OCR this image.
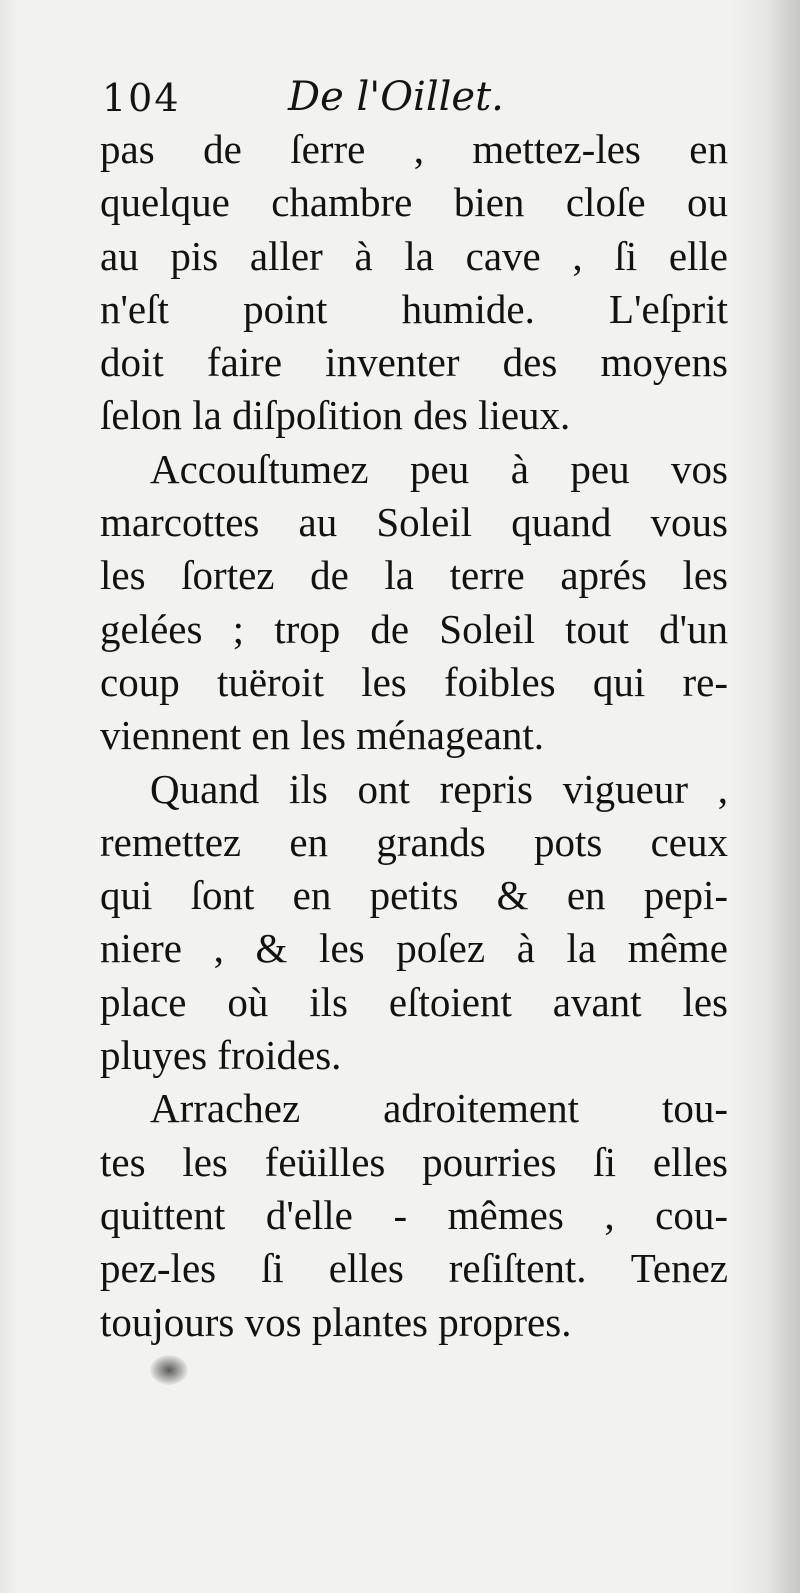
104	De l'Oillet.
pas de ſerre , mettez-les en
quelque chambre bien cloſe ou
au pis aller à la cave , ſi elle
n'eſt point humide. L'eſprit
doit faire inventer des moyens
ſelon la diſpoſition des lieux.
Accouſtumez peu à peu vos
marcottes au Soleil quand vous
les ſortez de la terre aprés les
gelées ; trop de Soleil tout d'un
coup tuëroit les foibles qui re-
viennent en les ménageant.
Quand ils ont repris vigueur ,
remettez en grands pots ceux
qui ſont en petits & en pepi-
niere , & les poſez à la même
place où ils eſtoient avant les
pluyes froides.
Arrachez adroitement tou-
tes les feüilles pourries ſi elles
quittent d'elle - mêmes , cou-
pez-les ſi elles reſiſtent. Tenez
toujours vos plantes propres.
